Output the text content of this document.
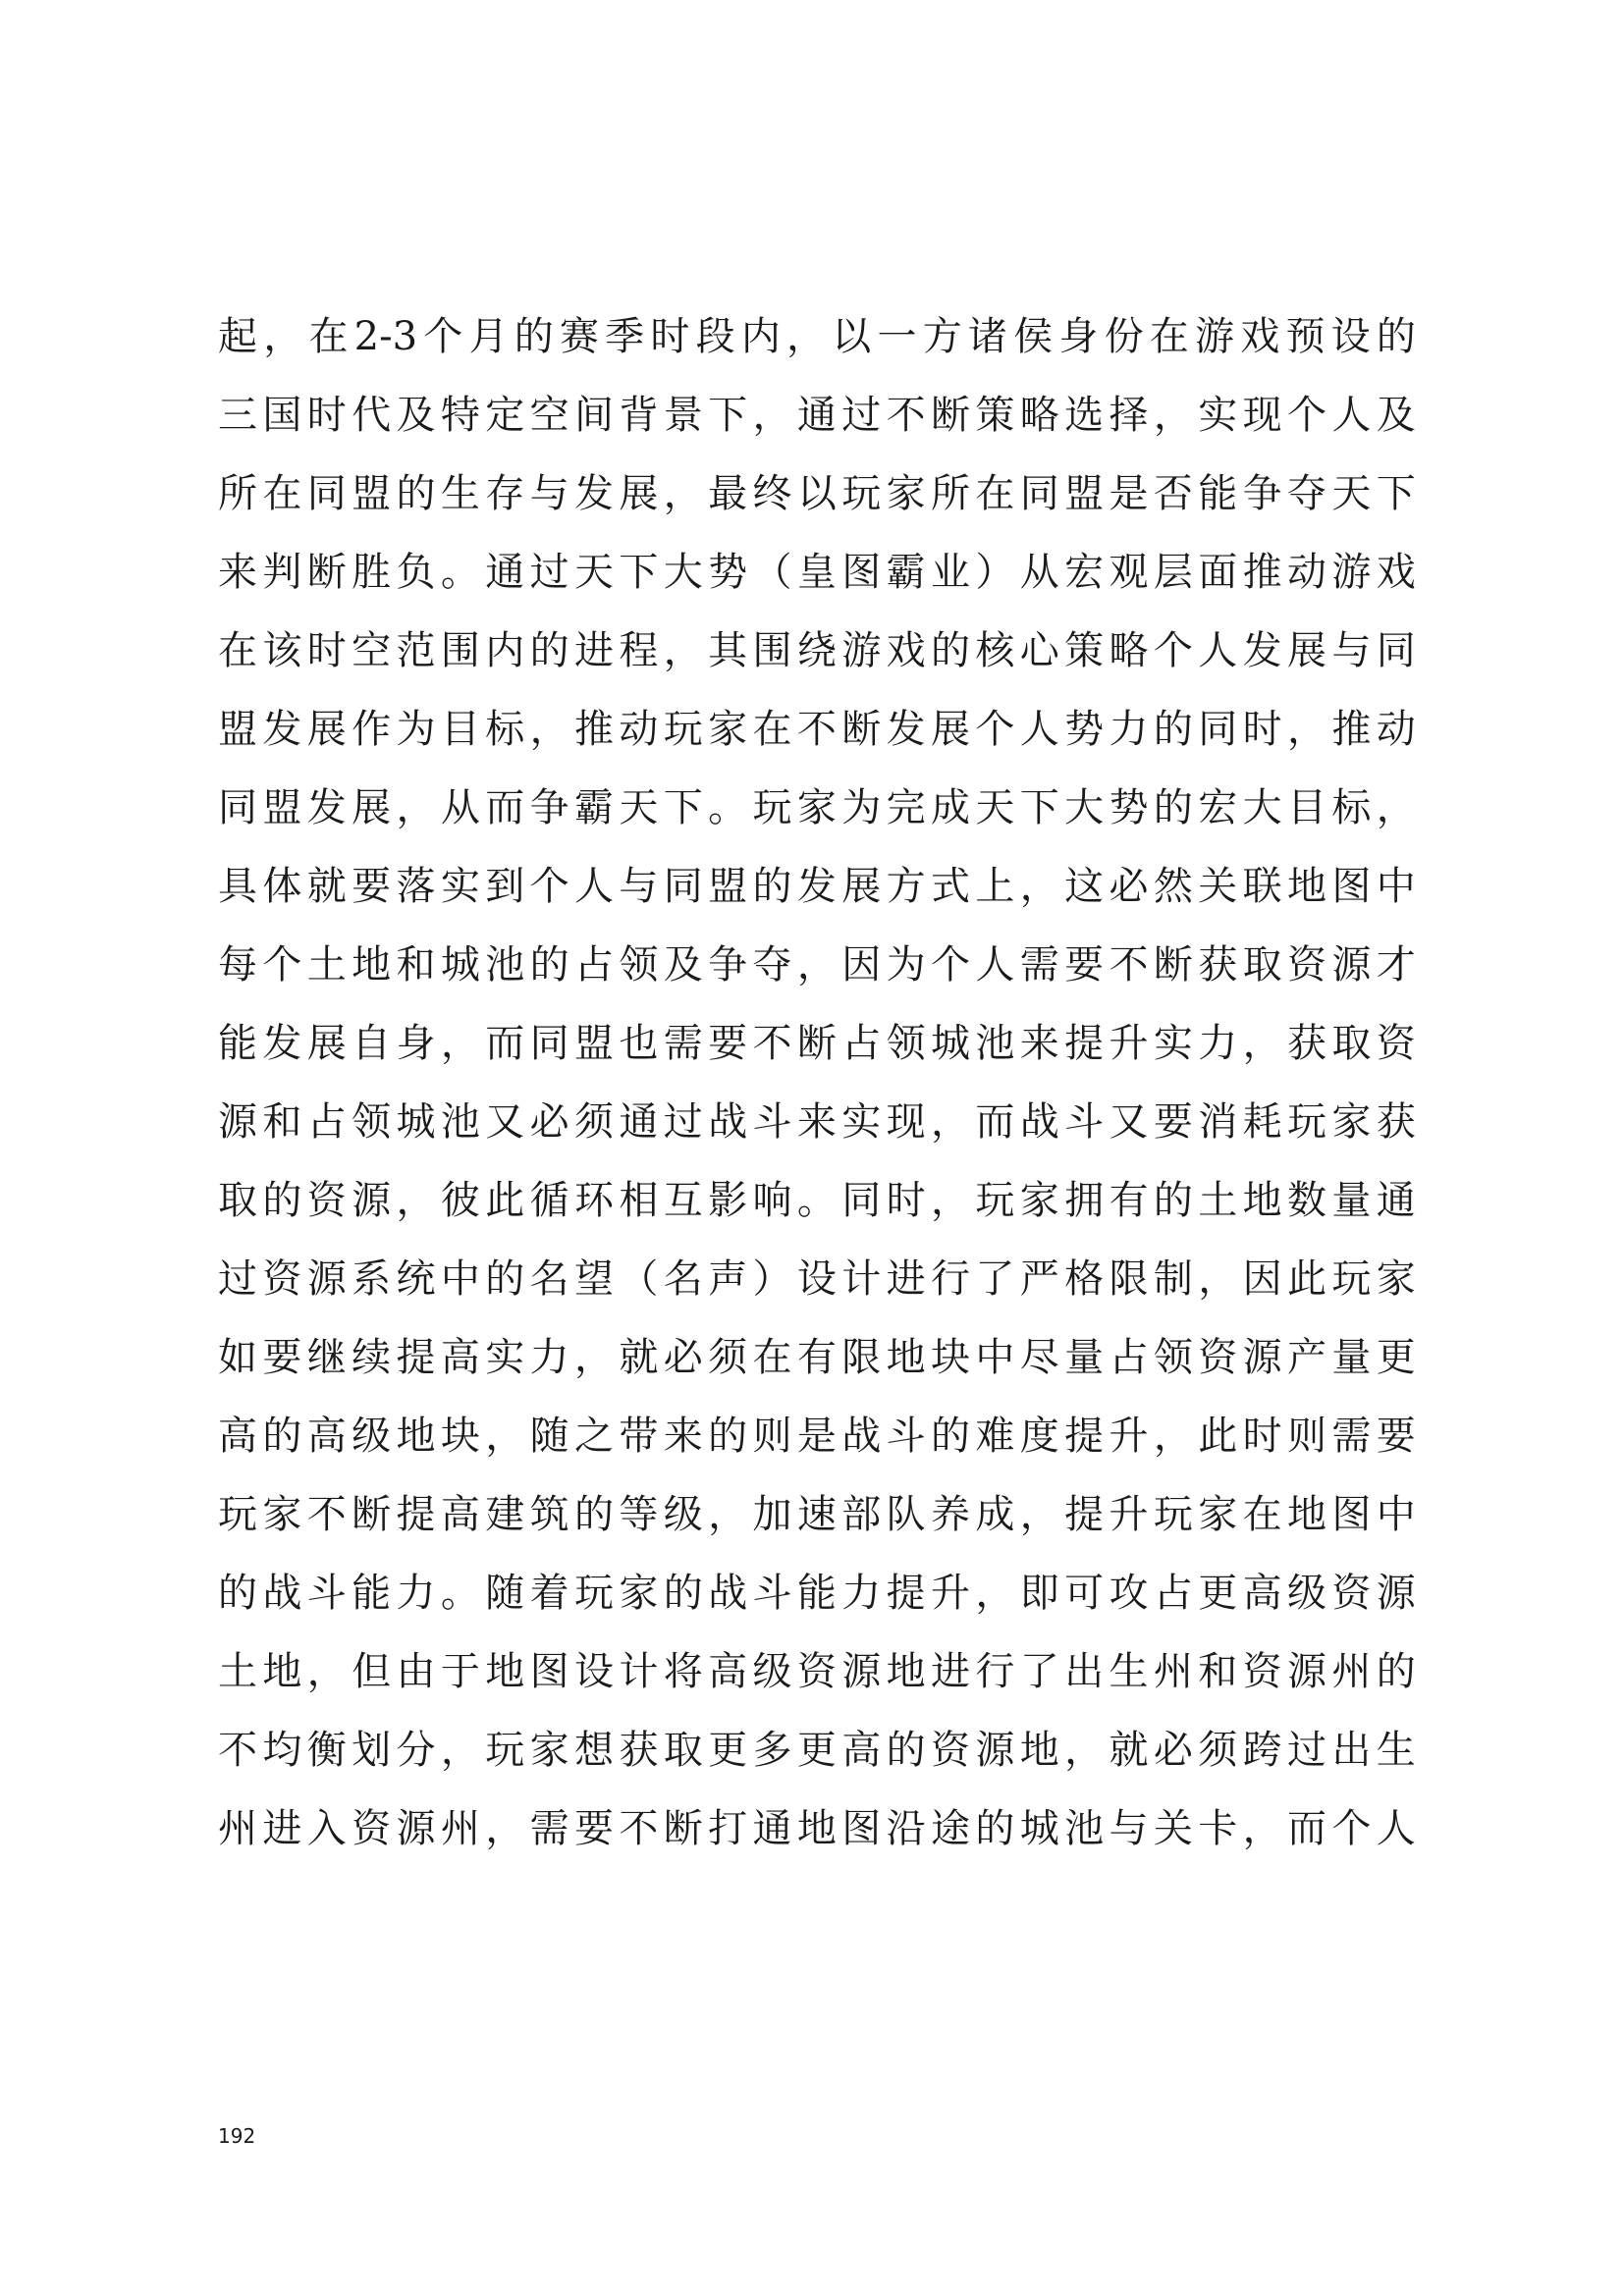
起 ， 在 2-3 个 月 的 赛 季 时 段 内 ， 以 一 方 诸 侯 身 份 在 游 戏 预 设 的
三 国 时 代 及 特 定 空 间 背 景 下 ， 通 过 不 断 策 略 选 择 ， 实 现 个 人 及
所 在 同 盟 的 生 存 与 发 展 ， 最 终 以 玩 家 所 在 同 盟 是 否 能 争 夺 天 下
来 判 断 胜 负 。 通 过 天 下 大 势 （ 皇 图 霸 业 ） 从 宏 观 层 面 推 动 游 戏
在 该 时 空 范 围 内 的 进 程 ， 其 围 绕 游 戏 的 核 心 策 略 个 人 发 展 与 同
盟 发 展 作 为 目 标 ， 推 动 玩 家 在 不 断 发 展 个 人 势 力 的 同 时 ， 推 动
同 盟 发 展 ， 从 而 争 霸 天 下 。 玩 家 为 完 成 天 下 大 势 的 宏 大 目 标 ，
具 体 就 要 落 实 到 个 人 与 同 盟 的 发 展 方 式 上 ， 这 必 然 关 联 地 图 中
每 个 土 地 和 城 池 的 占 领 及 争 夺 ， 因 为 个 人 需 要 不 断 获 取 资 源 才
能 发 展 自 身 ， 而 同 盟 也 需 要 不 断 占 领 城 池 来 提 升 实 力 ， 获 取 资
源 和 占 领 城 池 又 必 须 通 过 战 斗 来 实 现 ， 而 战 斗 又 要 消 耗 玩 家 获
取 的 资 源 ， 彼 此 循 环 相 互 影 响 。 同 时 ， 玩 家 拥 有 的 土 地 数 量 通
过 资 源 系 统 中 的 名 望 （ 名 声 ） 设 计 进 行 了 严 格 限 制 ， 因 此 玩 家
如 要 继 续 提 高 实 力 ， 就 必 须 在 有 限 地 块 中 尽 量 占 领 资 源 产 量 更
高 的 高 级 地 块 ， 随 之 带 来 的 则 是 战 斗 的 难 度 提 升 ， 此 时 则 需 要
玩 家 不 断 提 高 建 筑 的 等 级 ， 加 速 部 队 养 成 ， 提 升 玩 家 在 地 图 中
的 战 斗 能 力 。 随 着 玩 家 的 战 斗 能 力 提 升 ， 即 可 攻 占 更 高 级 资 源
土 地 ， 但 由 于 地 图 设 计 将 高 级 资 源 地 进 行 了 出 生 州 和 资 源 州 的
不 均 衡 划 分 ， 玩 家 想 获 取 更 多 更 高 的 资 源 地 ， 就 必 须 跨 过 出 生
州 进 入 资 源 州 ， 需 要 不 断 打 通 地 图 沿 途 的 城 池 与 关 卡 ， 而 个 人
192
